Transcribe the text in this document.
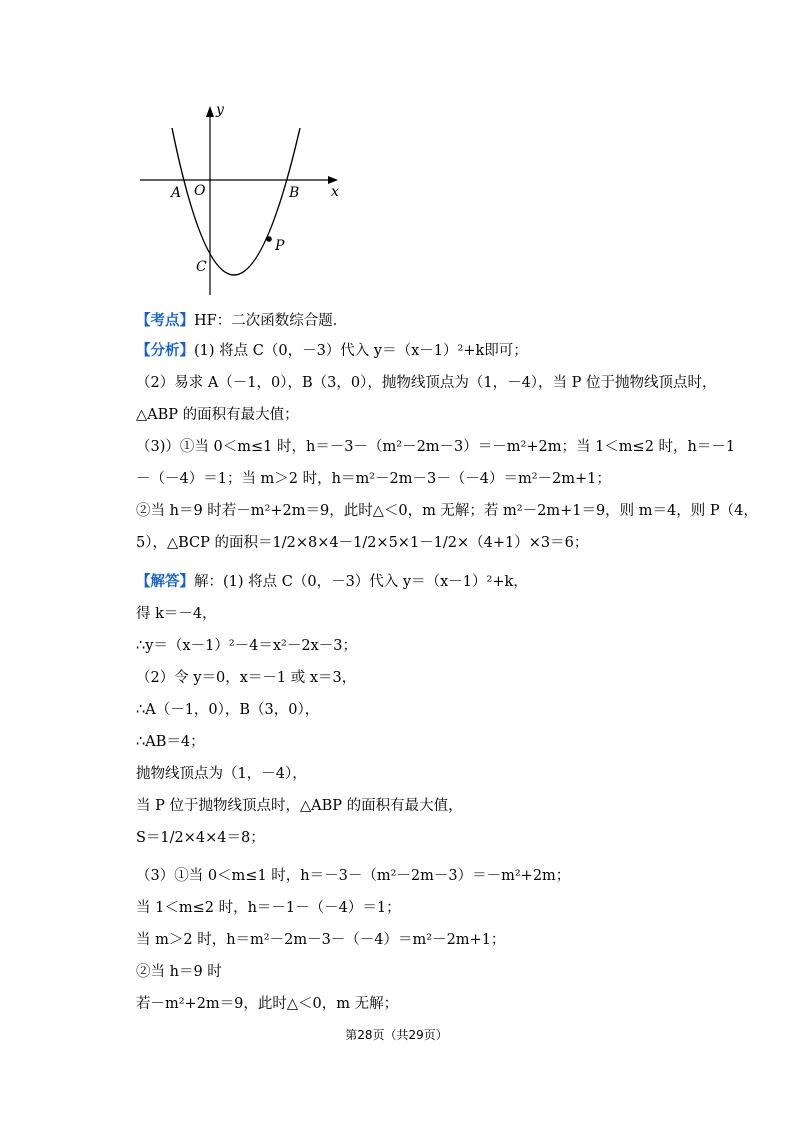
y
x
A O	B
C
P
【考点】HF：二次函数综合题．
【分析】(1) 将点 C（0，－3）代入 y＝（x－1）²+k即可；
（2）易求 A（－1，0），B（3，0），抛物线顶点为（1，－4），当 P 位于抛物线顶点时，
△ABP 的面积有最大值；
（3)）①当 0＜m≤1 时，h＝－3－（m²－2m－3）＝－m²+2m；当 1＜m≤2 时，h＝－1
－（－4）＝1；当 m＞2 时，h＝m²－2m－3－（－4）＝m²－2m+1；
②当 h＝9 时若－m²+2m＝9，此时△＜0，m 无解；若 m²－2m+1＝9，则 m＝4，则 P（4，
5），△BCP 的面积＝1/2×8×4－1/2×5×1－1/2×（4+1）×3＝6；
【解答】解：(1) 将点 C（0，－3）代入 y＝（x－1）²+k，
得 k＝－4，
∴y＝（x－1）²－4＝x²－2x－3；
（2）令 y＝0，x＝－1 或 x＝3，
∴A（－1，0），B（3，0），
∴AB＝4；
抛物线顶点为（1，－4），
当 P 位于抛物线顶点时，△ABP 的面积有最大值，
S＝1/2×4×4＝8；
（3）①当 0＜m≤1 时，h＝－3－（m²－2m－3）＝－m²+2m；
当 1＜m≤2 时，h＝－1－（－4）＝1；
当 m＞2 时，h＝m²－2m－3－（－4）＝m²－2m+1；
②当 h＝9 时
若－m²+2m＝9，此时△＜0，m 无解；
第28页（共29页）
